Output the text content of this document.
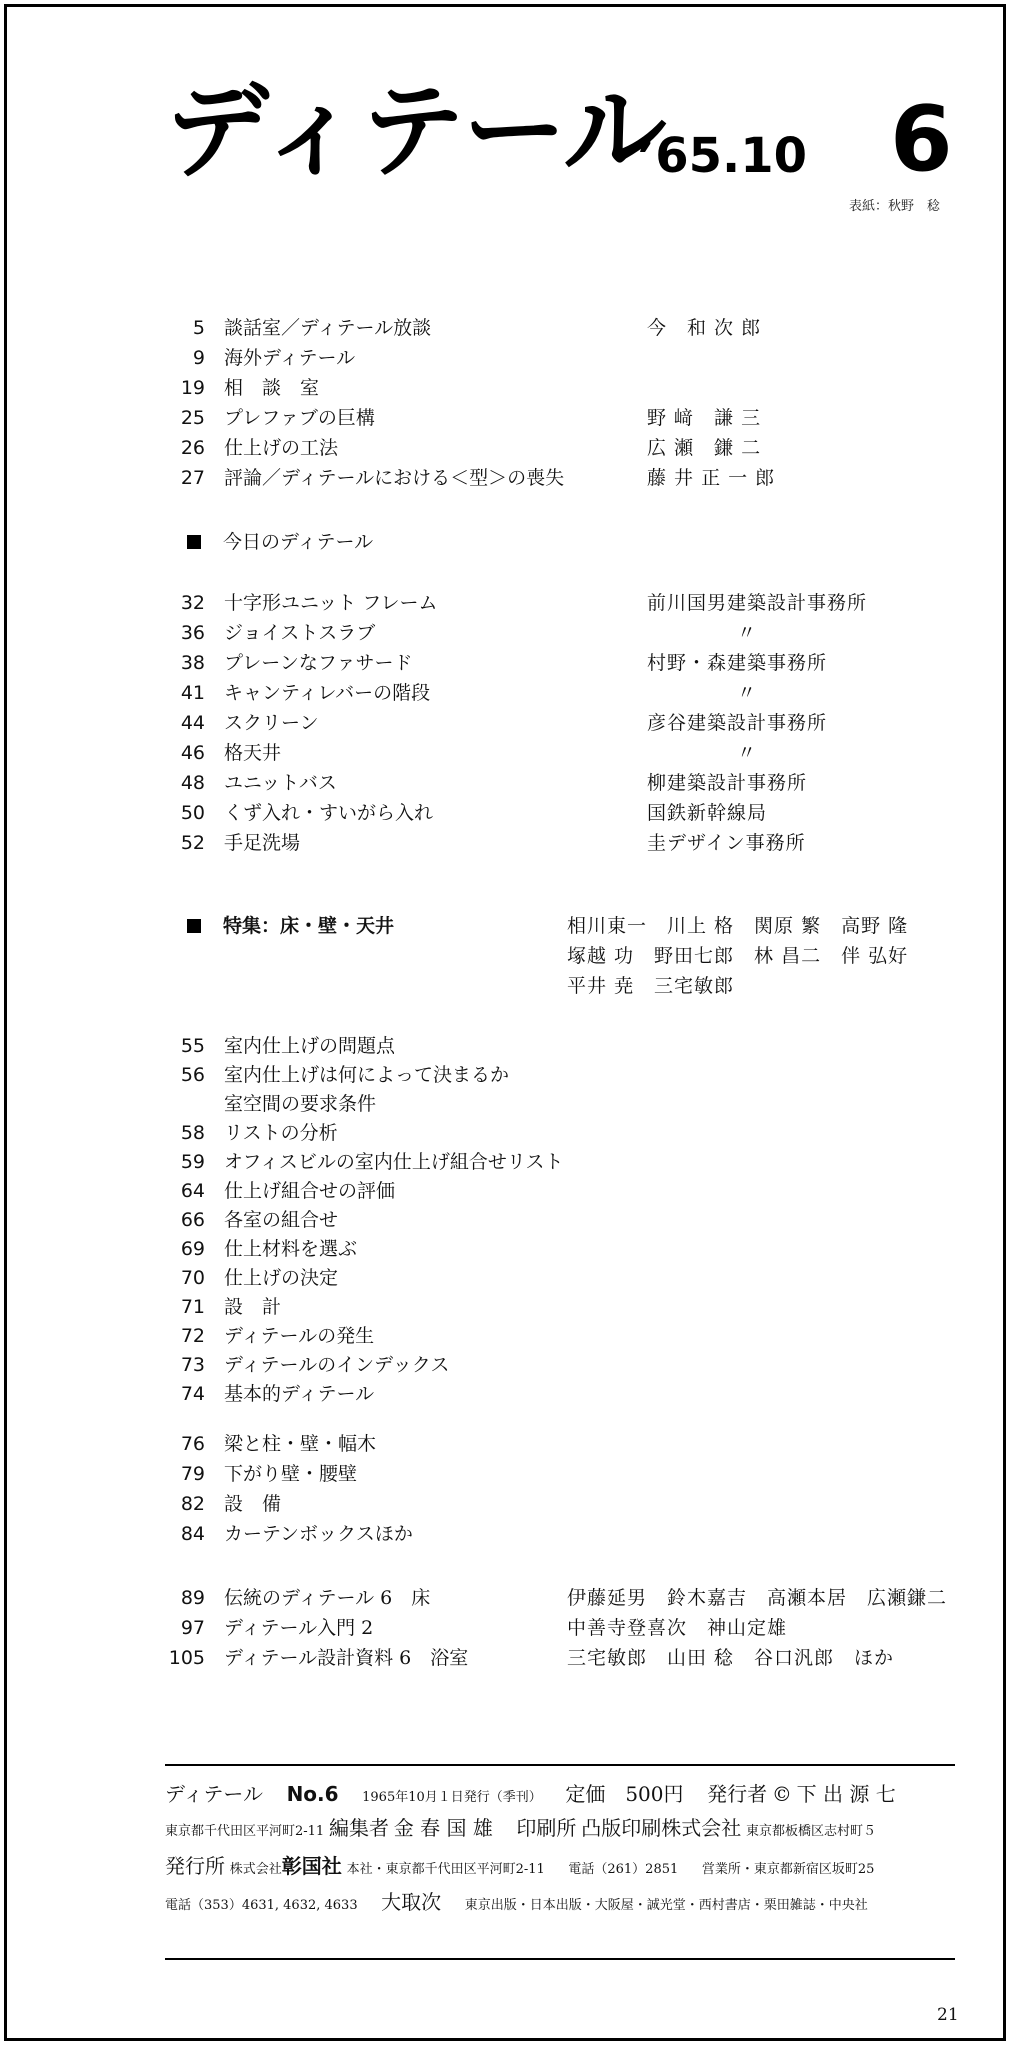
ディテール
’65.10 6
表紙：秋野　稔
5 談話室／ディテール放談	今　和 次 郎
9 海外ディテール
19 相　談　室
25 プレファブの巨構	野 﨑　謙 三
26 仕上げの工法	広 瀬　鎌 二
27 評論／ディテールにおける＜型＞の喪失	藤 井 正 一 郎
今日のディテール
32 十字形ユニット フレーム	前川国男建築設計事務所
36 ジョイストスラブ	〃
38 プレーンなファサード	村野・森建築事務所
41 キャンティレバーの階段	〃
44 スクリーン	彦谷建築設計事務所
46 格天井	〃
48 ユニットバス	柳建築設計事務所
50 くず入れ・すいがら入れ	国鉄新幹線局
52 手足洗場	圭デザイン事務所
特集：床・壁・天井	相川東一　川上 格　関原 繁　高野 隆
塚越 功　野田七郎　林 昌二　伴 弘好
平井 尭　三宅敏郎
55 室内仕上げの問題点
56 室内仕上げは何によって決まるか
室空間の要求条件
58 リストの分析
59 オフィスビルの室内仕上げ組合せリスト
64 仕上げ組合せの評価
66 各室の組合せ
69 仕上材料を選ぶ
70 仕上げの決定
71 設　計
72 ディテールの発生
73 ディテールのインデックス
74 基本的ディテール
76 梁と柱・壁・幅木
79 下がり壁・腰壁
82 設　備
84 カーテンボックスほか
89 伝統のディテール 6　床	伊藤延男　鈴木嘉吉　高瀬本居　広瀬鎌二
97 ディテール入門 2	中善寺登喜次　神山定雄
105 ディテール設計資料 6　浴室	三宅敏郎　山田 稔　谷口汎郎　ほか
ディテール No.6 1965年10月１日発行（季刊） 定価　500円 発行者 © 下 出 源 七
東京都千代田区平河町2-11 編集者 金 春 国 雄 印刷所 凸版印刷株式会社 東京都板橋区志村町５
発行所 株式会社彰国社 本社・東京都千代田区平河町2-11 電話（261）2851 営業所・東京都新宿区坂町25
電話（353）4631, 4632, 4633 大取次 東京出版・日本出版・大阪屋・誠光堂・西村書店・栗田雑誌・中央社
21
